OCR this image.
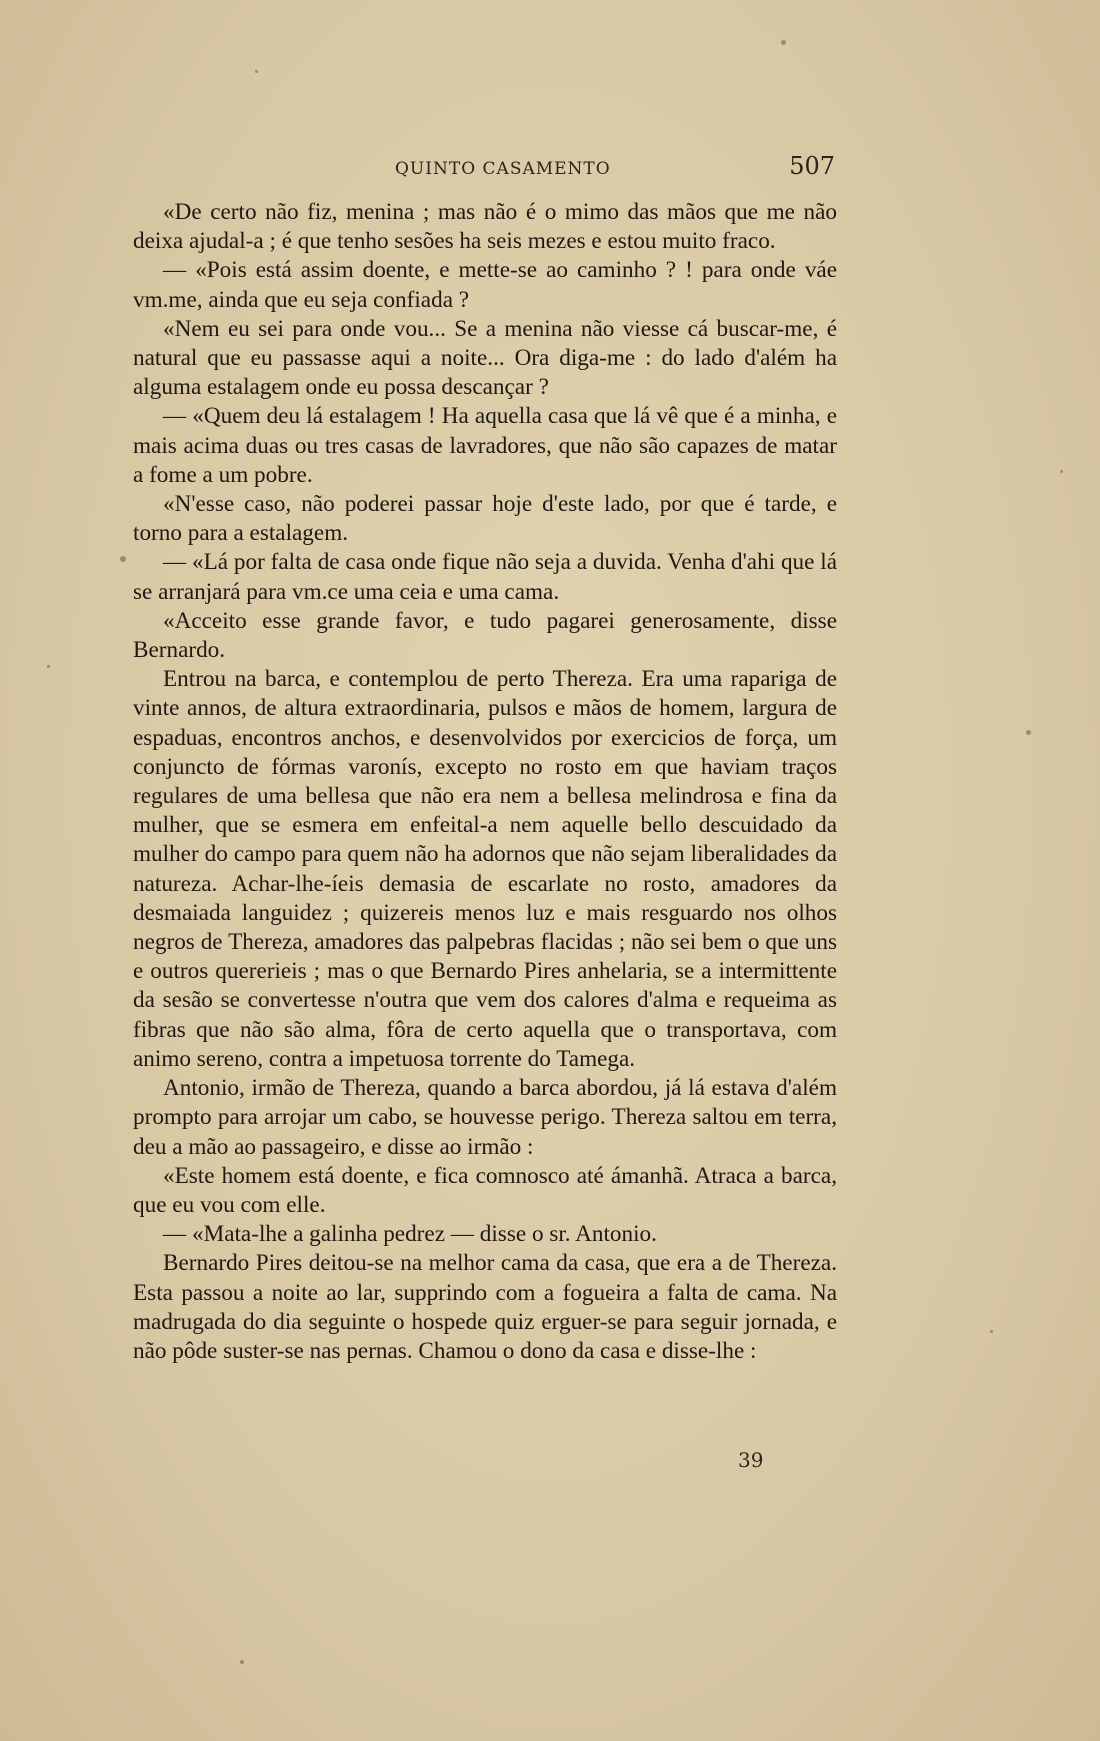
QUINTO CASAMENTO	507

«De certo não fiz, menina ; mas não é o mimo das mãos que me não deixa ajudal-a ; é que tenho sesões ha seis mezes e estou muito fraco.

— «Pois está assim doente, e mette-se ao caminho ? ! para onde váe vm.me, ainda que eu seja confiada ?

«Nem eu sei para onde vou... Se a menina não viesse cá buscar-me, é natural que eu passasse aqui a noite... Ora diga-me : do lado d'além ha alguma estalagem onde eu possa descançar ?

— «Quem deu lá estalagem ! Ha aquella casa que lá vê que é a minha, e mais acima duas ou tres casas de lavradores, que não são capazes de matar a fome a um pobre.

«N'esse caso, não poderei passar hoje d'este lado, por que é tarde, e torno para a estalagem.

— «Lá por falta de casa onde fique não seja a duvida. Venha d'ahi que lá se arranjará para vm.ce uma ceia e uma cama.

«Acceito esse grande favor, e tudo pagarei generosamente, disse Bernardo.

Entrou na barca, e contemplou de perto Thereza. Era uma rapariga de vinte annos, de altura extraordinaria, pulsos e mãos de homem, largura de espaduas, encontros anchos, e desenvolvidos por exercicios de força, um conjuncto de fórmas varonís, excepto no rosto em que haviam traços regulares de uma bellesa que não era nem a bellesa melindrosa e fina da mulher, que se esmera em enfeital-a nem aquelle bello descuidado da mulher do campo para quem não ha adornos que não sejam liberalidades da natureza. Achar-lhe-íeis demasia de escarlate no rosto, amadores da desmaiada languidez ; quizereis menos luz e mais resguardo nos olhos negros de Thereza, amadores das palpebras flacidas ; não sei bem o que uns e outros quererieis ; mas o que Bernardo Pires anhelaria, se a intermittente da sesão se convertesse n'outra que vem dos calores d'alma e requeima as fibras que não são alma, fôra de certo aquella que o transportava, com animo sereno, contra a impetuosa torrente do Tamega.

Antonio, irmão de Thereza, quando a barca abordou, já lá estava d'além prompto para arrojar um cabo, se houvesse perigo. Thereza saltou em terra, deu a mão ao passageiro, e disse ao irmão :

«Este homem está doente, e fica comnosco até ámanhã. Atraca a barca, que eu vou com elle.

— «Mata-lhe a galinha pedrez — disse o sr. Antonio.

Bernardo Pires deitou-se na melhor cama da casa, que era a de Thereza. Esta passou a noite ao lar, supprindo com a fogueira a falta de cama. Na madrugada do dia seguinte o hospede quiz erguer-se para seguir jornada, e não pôde suster-se nas pernas. Chamou o dono da casa e disse-lhe :

39
